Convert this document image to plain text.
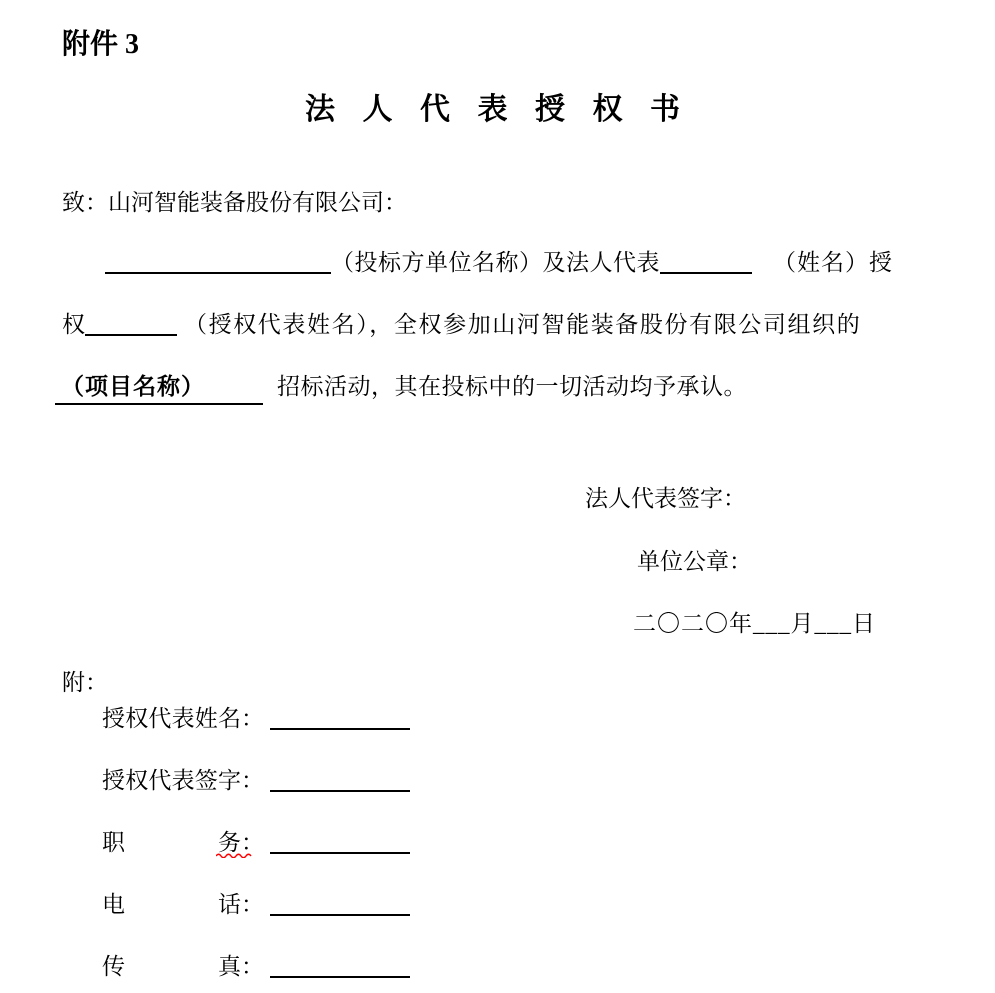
附件 3
法 人 代 表 授 权 书
致：山河智能装备股份有限公司：
（投标方单位名称）及法人代表	（姓名）授
权	（授权代表姓名），全权参加山河智能装备股份有限公司组织的
（项目名称）	招标活动，其在投标中的一切活动均予承认。
法人代表签字：
单位公章：
二〇二〇年___月___日
附：
授权代表姓名：
授权代表签字：
职务：
电话：
传真：
